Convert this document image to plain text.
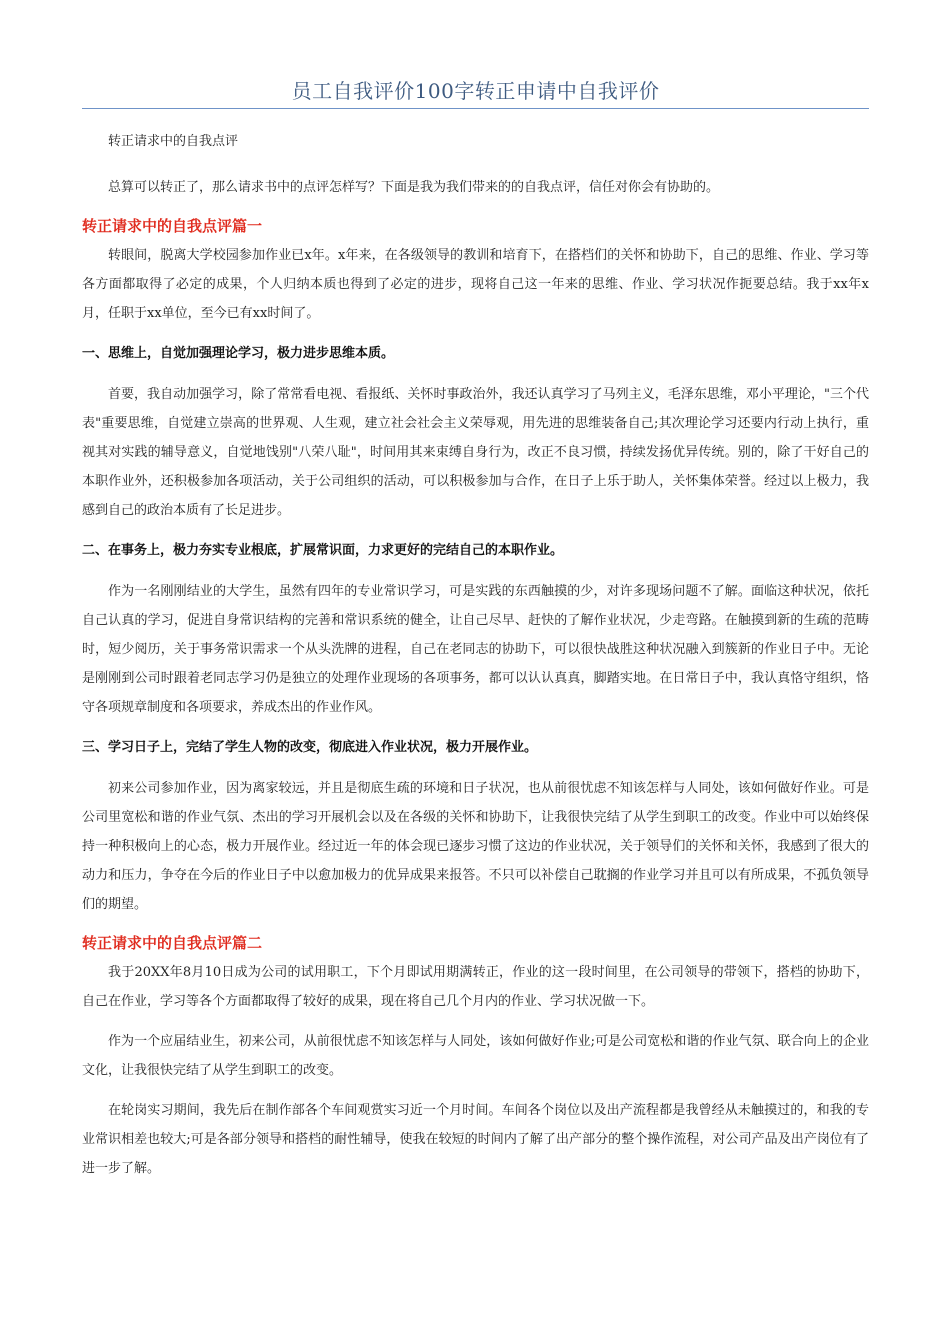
员工自我评价100字转正申请中自我评价

转正请求中的自我点评

总算可以转正了，那么请求书中的点评怎样写？下面是我为我们带来的的自我点评，信任对你会有协助的。

转正请求中的自我点评篇一

转眼间，脱离大学校园参加作业已x年。x年来，在各级领导的教训和培育下，在搭档们的关怀和协助下，自己的思维、作业、学习等各方面都取得了必定的成果，个人归纳本质也得到了必定的进步，现将自己这一年来的思维、作业、学习状况作扼要总结。我于xx年x月，任职于xx单位，至今已有xx时间了。

一、思维上，自觉加强理论学习，极力进步思维本质。

首要，我自动加强学习，除了常常看电视、看报纸、关怀时事政治外，我还认真学习了马列主义，毛泽东思维，邓小平理论，"三个代表"重要思维，自觉建立崇高的世界观、人生观，建立社会社会主义荣辱观，用先进的思维装备自己;其次理论学习还要内行动上执行，重视其对实践的辅导意义，自觉地饯别"八荣八耻"，时间用其来束缚自身行为，改正不良习惯，持续发扬优异传统。别的，除了干好自己的本职作业外，还积极参加各项活动，关于公司组织的活动，可以积极参加与合作，在日子上乐于助人，关怀集体荣誉。经过以上极力，我感到自己的政治本质有了长足进步。

二、在事务上，极力夯实专业根底，扩展常识面，力求更好的完结自己的本职作业。

作为一名刚刚结业的大学生，虽然有四年的专业常识学习，可是实践的东西触摸的少，对许多现场问题不了解。面临这种状况，依托自己认真的学习，促进自身常识结构的完善和常识系统的健全，让自己尽早、赶快的了解作业状况，少走弯路。在触摸到新的生疏的范畴时，短少阅历，关于事务常识需求一个从头洗牌的进程，自己在老同志的协助下，可以很快战胜这种状况融入到簇新的作业日子中。无论是刚刚到公司时跟着老同志学习仍是独立的处理作业现场的各项事务，都可以认认真真，脚踏实地。在日常日子中，我认真恪守组织，恪守各项规章制度和各项要求，养成杰出的作业作风。

三、学习日子上，完结了学生人物的改变，彻底进入作业状况，极力开展作业。

初来公司参加作业，因为离家较远，并且是彻底生疏的环境和日子状况，也从前很忧虑不知该怎样与人同处，该如何做好作业。可是公司里宽松和谐的作业气氛、杰出的学习开展机会以及在各级的关怀和协助下，让我很快完结了从学生到职工的改变。作业中可以始终保持一种积极向上的心态，极力开展作业。经过近一年的体会现已逐步习惯了这边的作业状况，关于领导们的关怀和关怀，我感到了很大的动力和压力，争夺在今后的作业日子中以愈加极力的优异成果来报答。不只可以补偿自己耽搁的作业学习并且可以有所成果，不孤负领导们的期望。

转正请求中的自我点评篇二

我于20XX年8月10日成为公司的试用职工，下个月即试用期满转正，作业的这一段时间里，在公司领导的带领下，搭档的协助下，自己在作业，学习等各个方面都取得了较好的成果，现在将自己几个月内的作业、学习状况做一下。

作为一个应届结业生，初来公司，从前很忧虑不知该怎样与人同处，该如何做好作业;可是公司宽松和谐的作业气氛、联合向上的企业文化，让我很快完结了从学生到职工的改变。

在轮岗实习期间，我先后在制作部各个车间观赏实习近一个月时间。车间各个岗位以及出产流程都是我曾经从未触摸过的，和我的专业常识相差也较大;可是各部分领导和搭档的耐性辅导，使我在较短的时间内了解了出产部分的整个操作流程，对公司产品及出产岗位有了进一步了解。
